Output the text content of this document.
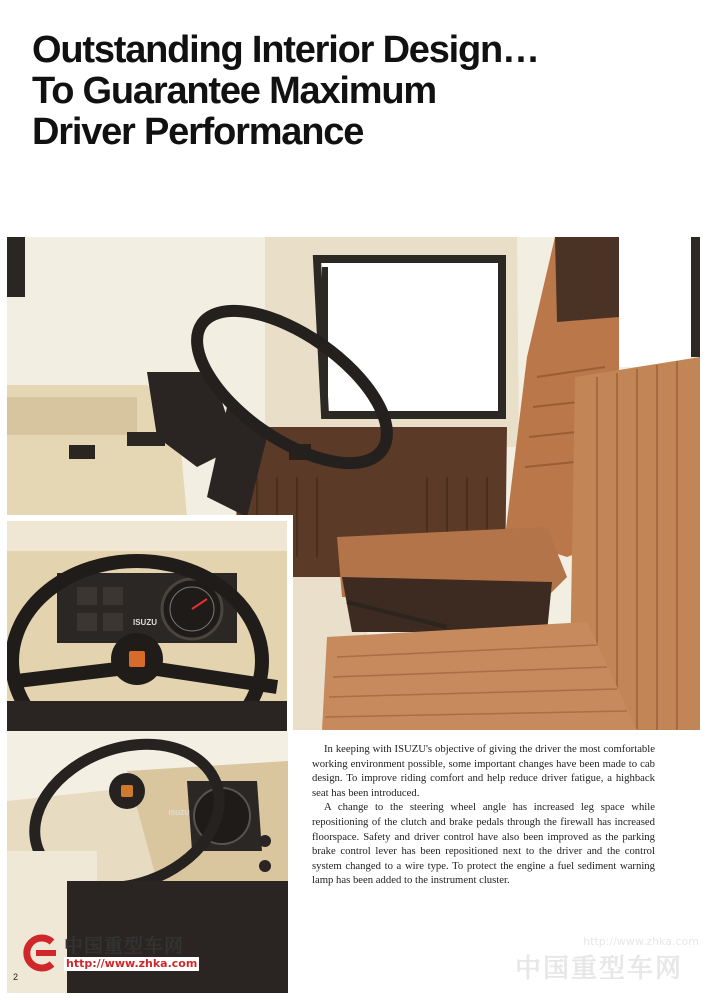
Outstanding Interior Design…
To Guarantee Maximum
Driver Performance
ISUZU
ISUZU

In keeping with ISUZU's objective of giving the driver the most comfortable working environment possible, some important changes have been made to cab design. To improve riding comfort and help reduce driver fatigue, a highback seat has been introduced.

A change to the steering wheel angle has increased leg space while repositioning of the clutch and brake pedals through the firewall has increased floorspace. Safety and driver control have also been improved as the parking brake control lever has been repositioned next to the driver and the control system changed to a wire type. To protect the engine a fuel sediment warning lamp has been added to the instrument cluster.

中国重型车网
http://www.zhka.com
2
http://www.zhka.com
中国重型车网
